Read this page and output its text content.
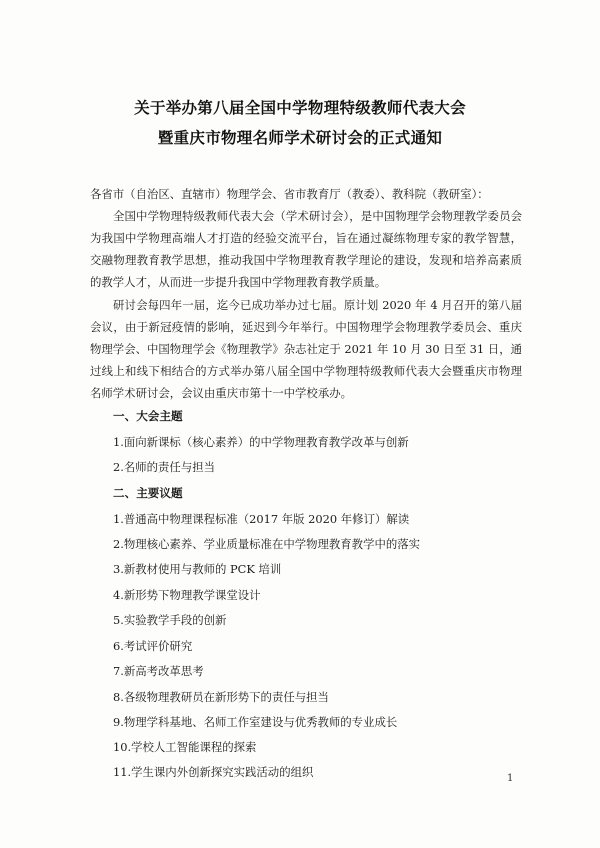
关于举办第八届全国中学物理特级教师代表大会
暨重庆市物理名师学术研讨会的正式通知
各省市（自治区、直辖市）物理学会、省市教育厅（教委）、教科院（教研室）：
全国中学物理特级教师代表大会（学术研讨会），是中国物理学会物理教学委员会为我国中学物理高端人才打造的经验交流平台，旨在通过凝练物理专家的教学智慧，交融物理教育教学思想，推动我国中学物理教育教学理论的建设，发现和培养高素质的教学人才，从而进一步提升我国中学物理教育教学质量。
研讨会每四年一届，迄今已成功举办过七届。原计划 2020 年 4 月召开的第八届会议，由于新冠疫情的影响，延迟到今年举行。中国物理学会物理教学委员会、重庆物理学会、中国物理学会《物理教学》杂志社定于 2021 年 10 月 30 日至 31 日，通过线上和线下相结合的方式举办第八届全国中学物理特级教师代表大会暨重庆市物理名师学术研讨会，会议由重庆市第十一中学校承办。
一、大会主题
1.面向新课标（核心素养）的中学物理教育教学改革与创新
2.名师的责任与担当
二、主要议题
1.普通高中物理课程标准（2017 年版 2020 年修订）解读
2.物理核心素养、学业质量标准在中学物理教育教学中的落实
3.新教材使用与教师的 PCK 培训
4.新形势下物理教学课堂设计
5.实验教学手段的创新
6.考试评价研究
7.新高考改革思考
8.各级物理教研员在新形势下的责任与担当
9.物理学科基地、名师工作室建设与优秀教师的专业成长
10.学校人工智能课程的探索
11.学生课内外创新探究实践活动的组织	1
